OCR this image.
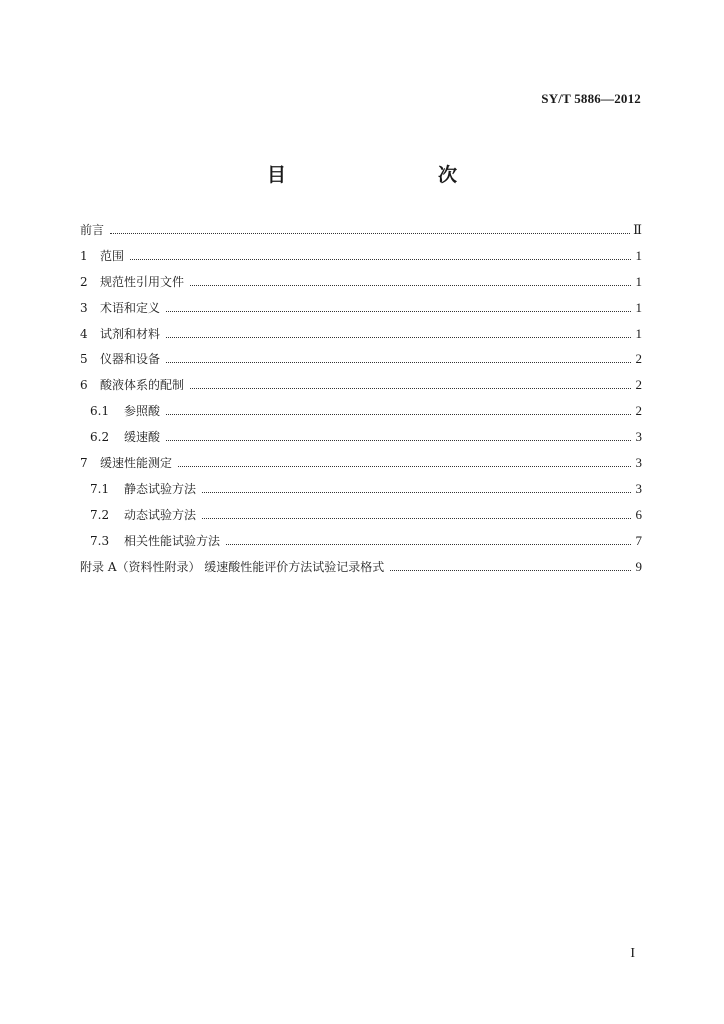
SY/T 5886—2012
目　　次
前言	Ⅱ
1	范围	1
2	规范性引用文件	1
3	术语和定义	1
4	试剂和材料	1
5	仪器和设备	2
6	酸液体系的配制	2
6.1	参照酸	2
6.2	缓速酸	3
7	缓速性能测定	3
7.1	静态试验方法	3
7.2	动态试验方法	6
7.3	相关性能试验方法	7
附录 A（资料性附录） 缓速酸性能评价方法试验记录格式	9
I
